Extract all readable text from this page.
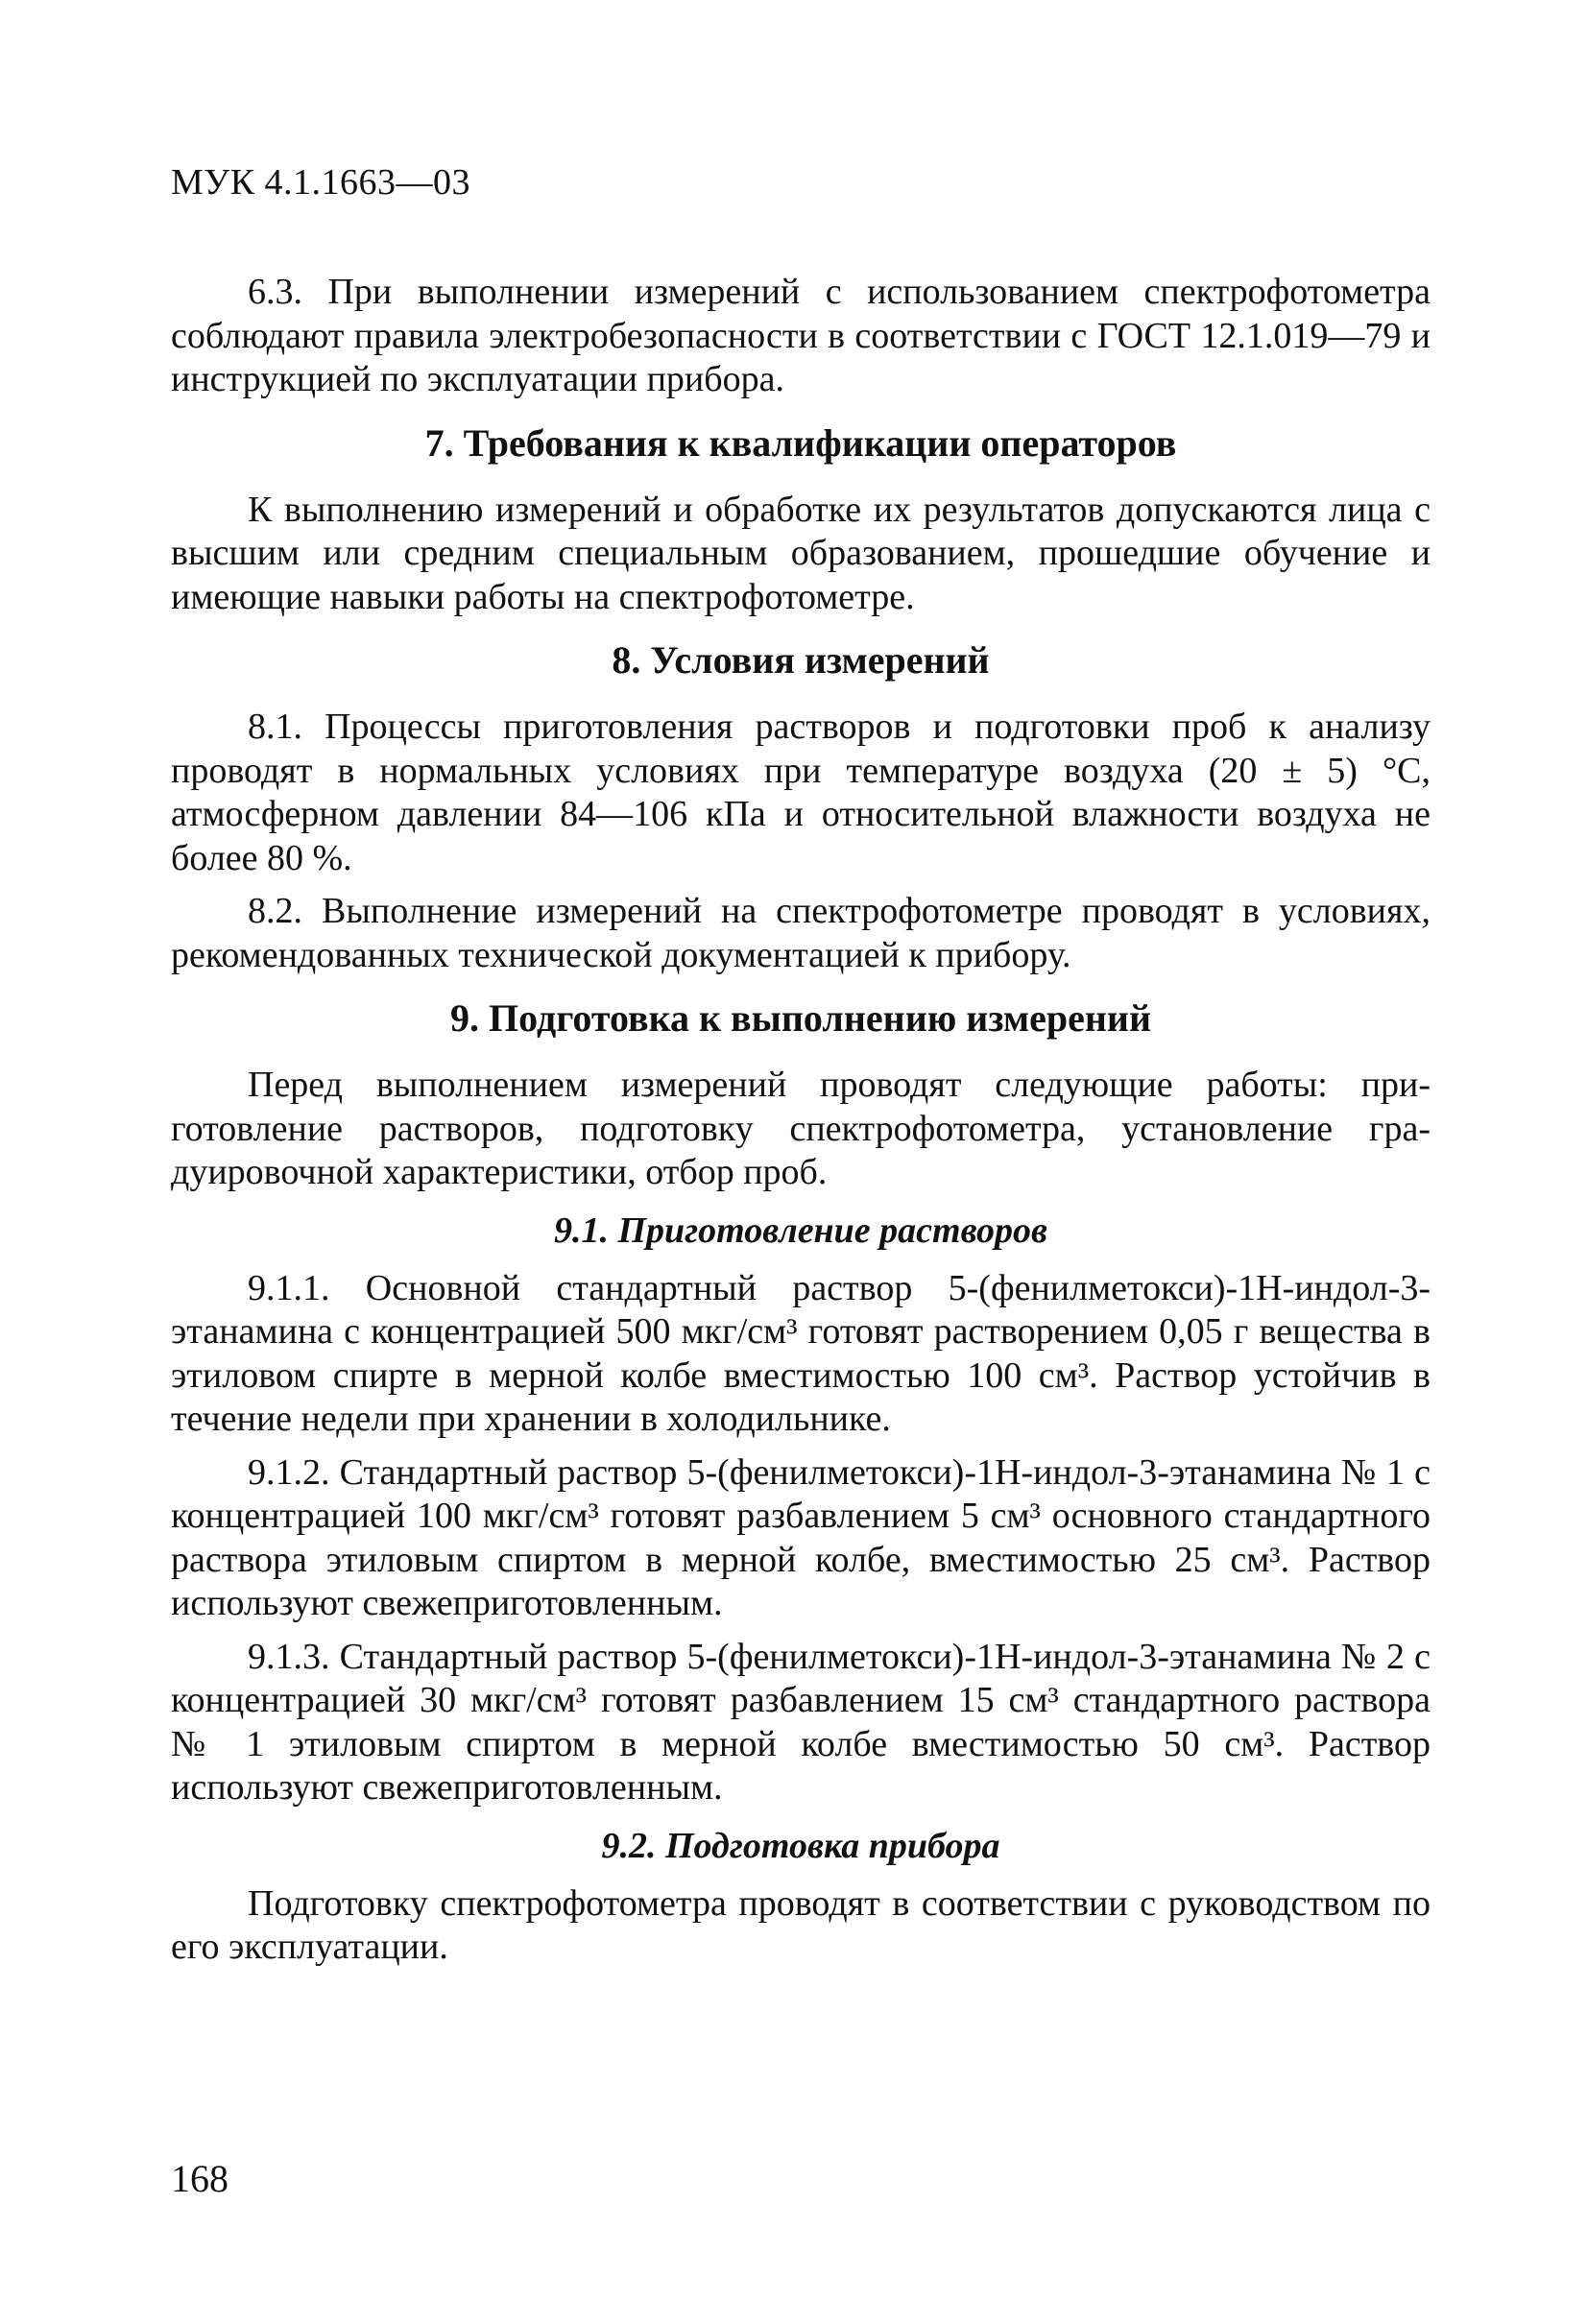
МУК 4.1.1663—03

6.3. При выполнении измерений с использованием спектрофотометра соблюдают правила электробезопасности в соответствии с ГОСТ 12.1.019—79 и инструкцией по эксплуатации прибора.

7. Требования к квалификации операторов

К выполнению измерений и обработке их результатов допускаются лица с высшим или средним специальным образованием, прошедшие обучение и имеющие навыки работы на спектрофотометре.

8. Условия измерений

8.1. Процессы приготовления растворов и подготовки проб к анализу проводят в нормальных условиях при температуре воздуха (20 ± 5) °С, атмосферном давлении 84—106 кПа и относительной влажности воздуха не более 80 %.

8.2. Выполнение измерений на спектрофотометре проводят в условиях, рекомендованных технической документацией к прибору.

9. Подготовка к выполнению измерений

Перед выполнением измерений проводят следующие работы: приготовление растворов, подготовку спектрофотометра, установление градуировочной характеристики, отбор проб.

9.1. Приготовление растворов

9.1.1. Основной стандартный раствор 5-(фенилметокси)-1Н-индол-3-этанамина с концентрацией 500 мкг/см³ готовят растворением 0,05 г вещества в этиловом спирте в мерной колбе вместимостью 100 см³. Раствор устойчив в течение недели при хранении в холодильнике.

9.1.2. Стандартный раствор 5-(фенилметокси)-1Н-индол-3-этанамина № 1 с концентрацией 100 мкг/см³ готовят разбавлением 5 см³ основного стандартного раствора этиловым спиртом в мерной колбе, вместимостью 25 см³. Раствор используют свежеприготовленным.

9.1.3. Стандартный раствор 5-(фенилметокси)-1Н-индол-3-этанамина № 2 с концентрацией 30 мкг/см³ готовят разбавлением 15 см³ стандартного раствора № 1 этиловым спиртом в мерной колбе вместимостью 50 см³. Раствор используют свежеприготовленным.

9.2. Подготовка прибора

Подготовку спектрофотометра проводят в соответствии с руководством по его эксплуатации.

168
